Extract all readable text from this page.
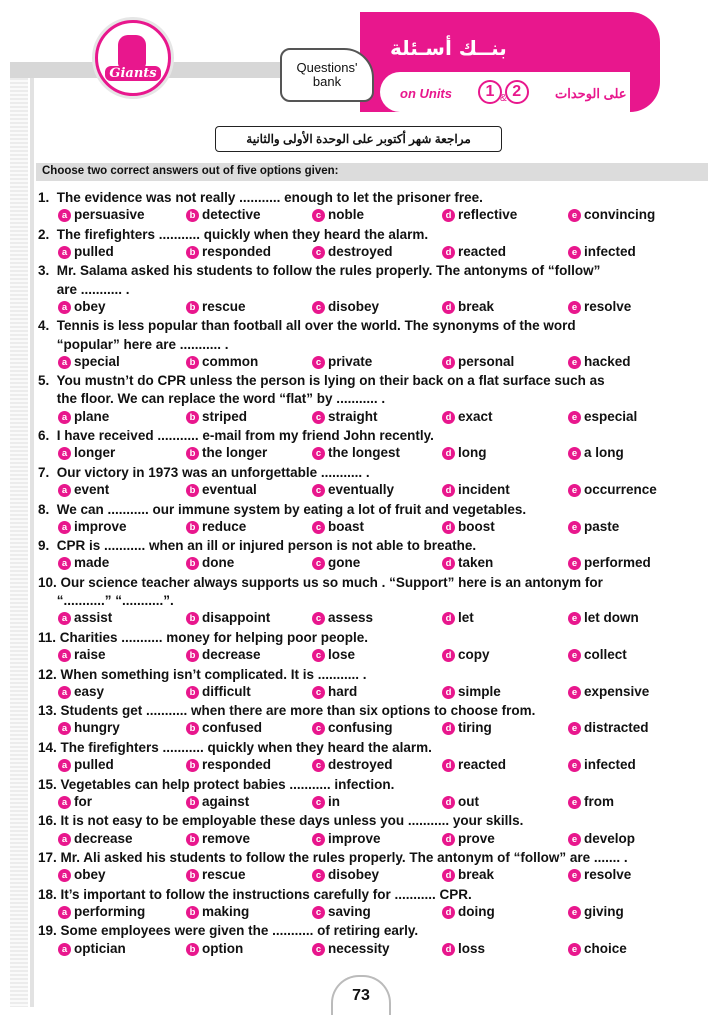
Giants	Questions'
bank
بنــك أسـئلة
on Units	1 & 2	على الوحدات
مراجعة شهر أكتوبر على الوحدة الأولى والثانية
Choose two correct answers out of five options given:
1.  The evidence was not really ........... enough to let the prisoner free.
a persuasive	b detective	c noble	d reflective	e convincing
2.  The firefighters ........... quickly when they heard the alarm.
a pulled	b responded	c destroyed	d reacted	e infected
3.  Mr. Salama asked his students to follow the rules properly. The antonyms of “follow”
are ........... .
a obey	b rescue	c disobey	d break	e resolve
4.  Tennis is less popular than football all over the world. The synonyms of the word
“popular” here are ........... .
a special	b common	c private	d personal	e hacked
5.  You mustn’t do CPR unless the person is lying on their back on a flat surface such as
the floor. We can replace the word “flat” by ........... .
a plane	b striped	c straight	d exact	e especial
6.  I have received ........... e-mail from my friend John recently.
a longer	b the longer	c the longest	d long	e a long
7.  Our victory in 1973 was an unforgettable ........... .
a event	b eventual	c eventually	d incident	e occurrence
8.  We can ........... our immune system by eating a lot of fruit and vegetables.
a improve	b reduce	c boast	d boost	e paste
9.  CPR is ........... when an ill or injured person is not able to breathe.
a made	b done	c gone	d taken	e performed
10. Our science teacher always supports us so much . “Support” here is an antonym for
“...........” “...........”.
a assist	b disappoint	c assess	d let	e let down
11. Charities ........... money for helping poor people.
a raise	b decrease	c lose	d copy	e collect
12. When something isn’t complicated. It is ........... .
a easy	b difficult	c hard	d simple	e expensive
13. Students get ........... when there are more than six options to choose from.
a hungry	b confused	c confusing	d tiring	e distracted
14. The firefighters ........... quickly when they heard the alarm.
a pulled	b responded	c destroyed	d reacted	e infected
15. Vegetables can help protect babies ........... infection.
a for	b against	c in	d out	e from
16. It is not easy to be employable these days unless you ........... your skills.
a decrease	b remove	c improve	d prove	e develop
17. Mr. Ali asked his students to follow the rules properly. The antonym of “follow” are ....... .
a obey	b rescue	c disobey	d break	e resolve
18. It’s important to follow the instructions carefully for ........... CPR.
a performing	b making	c saving	d doing	e giving
19. Some employees were given the ........... of retiring early.
a optician	b option	c necessity	d loss	e choice
73
